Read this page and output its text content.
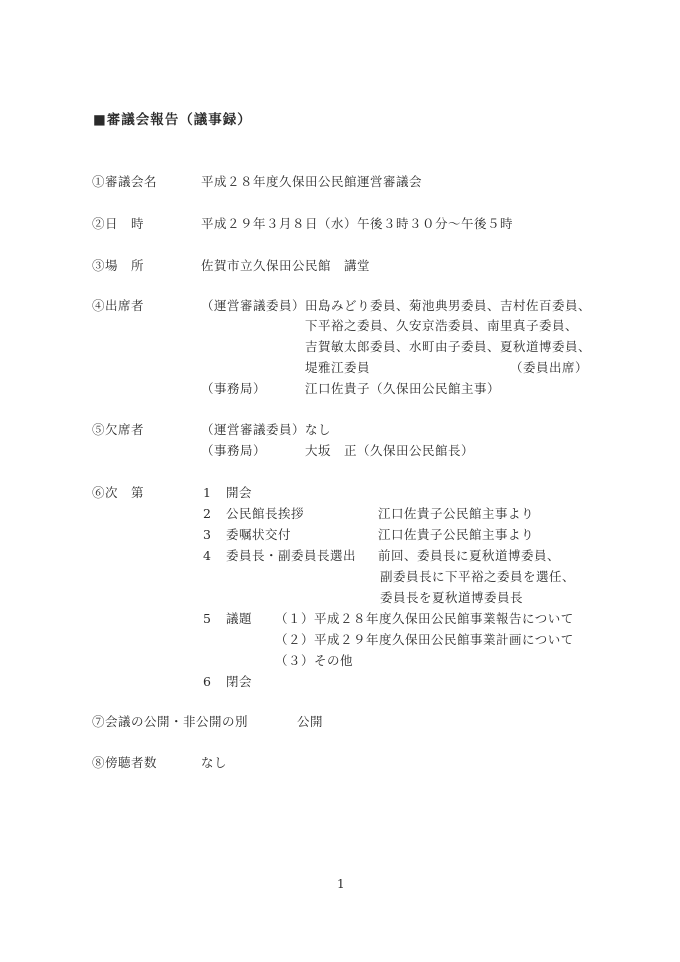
■審議会報告（議事録）
①審議会名	平成２８年度久保田公民館運営審議会
②日　時	平成２９年３月８日（水）午後３時３０分～午後５時
③場　所	佐賀市立久保田公民館　講堂
④出席者	（運営審議委員） 田島みどり委員、菊池典男委員、吉村佐百委員、
下平裕之委員、久安京浩委員、南里真子委員、
吉賀敏太郎委員、水町由子委員、夏秋道博委員、
堤雅江委員	（委員出席）
（事務局）	江口佐貴子（久保田公民館主事）
⑤欠席者	（運営審議委員） なし
（事務局）	大坂　正（久保田公民館長）
⑥次　第	1 開会
2 公民館長挨拶	江口佐貴子公民館主事より
3 委嘱状交付	江口佐貴子公民館主事より
4 委員長・副委員長選出 前回、委員長に夏秋道博委員、
副委員長に下平裕之委員を選任、
委員長を夏秋道博委員長
5 議題 （１）平成２８年度久保田公民館事業報告について
（２）平成２９年度久保田公民館事業計画について
（３）その他
6 閉会
⑦会議の公開・非公開の別	公開
⑧傍聴者数	なし
1
